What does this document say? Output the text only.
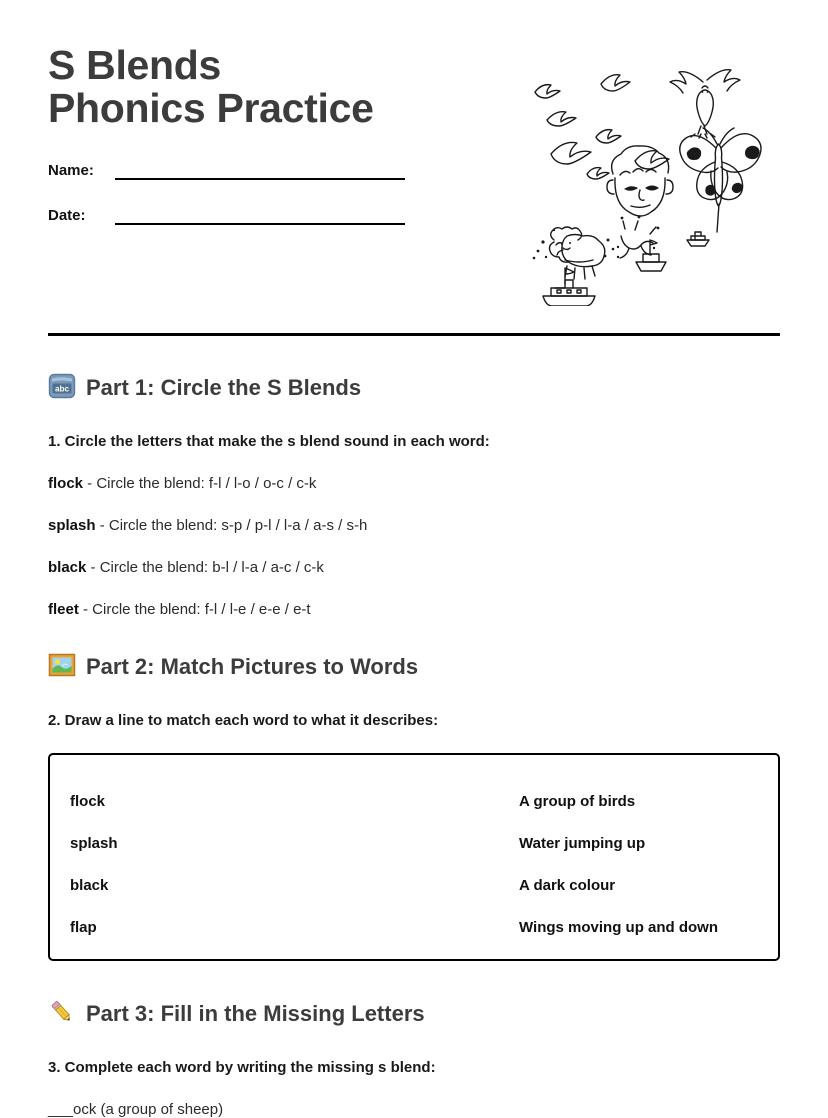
S Blends Phonics Practice
Name:
Date:
abc Part 1: Circle the S Blends
1. Circle the letters that make the s blend sound in each word:
flock - Circle the blend: f-l / l-o / o-c / c-k
splash - Circle the blend: s-p / p-l / l-a / a-s / s-h
black - Circle the blend: b-l / l-a / a-c / c-k
fleet - Circle the blend: f-l / l-e / e-e / e-t
Part 2: Match Pictures to Words
2. Draw a line to match each word to what it describes:
flock	A group of birds
splash	Water jumping up
black	A dark colour
flap	Wings moving up and down
Part 3: Fill in the Missing Letters
3. Complete each word by writing the missing s blend:
___ock (a group of sheep)
